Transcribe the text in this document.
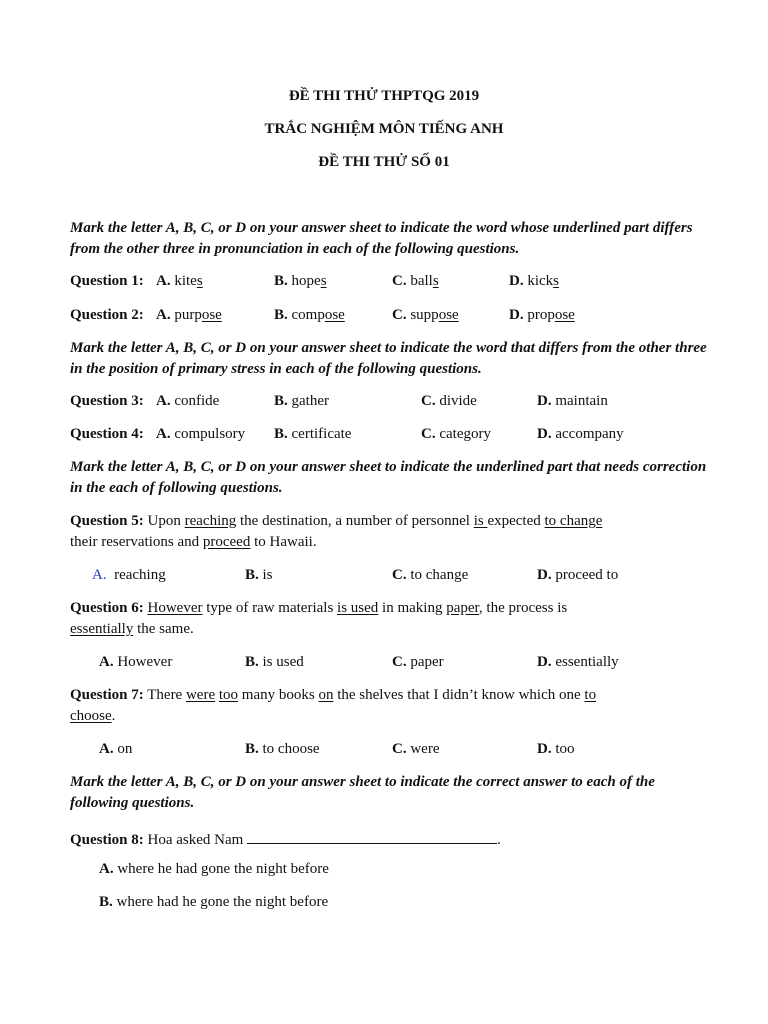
ĐỀ THI THỬ THPTQG 2019
TRẮC NGHIỆM MÔN TIẾNG ANH
ĐỀ THI THỬ SỐ 01
Mark the letter A, B, C, or D on your answer sheet to indicate the word whose underlined part differs from the other three in pronunciation in each of the following questions.
Question 1: A. kites	B. hopes	C. balls	D. kicks
Question 2: A. purpose	B. compose	C. suppose	D. propose
Mark the letter A, B, C, or D on your answer sheet to indicate the word that differs from the other three in the position of primary stress in each of the following questions.
Question 3: A. confide	B. gather	C. divide	D. maintain
Question 4: A. compulsory B. certificate	C. category	D. accompany
Mark the letter A, B, C, or D on your answer sheet to indicate the underlined part that needs correction in the each of following questions.
Question 5: Upon reaching the destination, a number of personnel is expected to change
their reservations and proceed to Hawaii.
A. reaching	B. is	C. to change	D. proceed to
Question 6: However type of raw materials is used in making paper, the process is
essentially the same.
A. However	B. is used	C. paper	D. essentially
Question 7: There were too many books on the shelves that I didn’t know which one to
choose.
A. on	B. to choose	C. were	D. too
Mark the letter A, B, C, or D on your answer sheet to indicate the correct answer to each of the following questions.
Question 8: Hoa asked Nam	.
A. where he had gone the night before
B. where had he gone the night before
